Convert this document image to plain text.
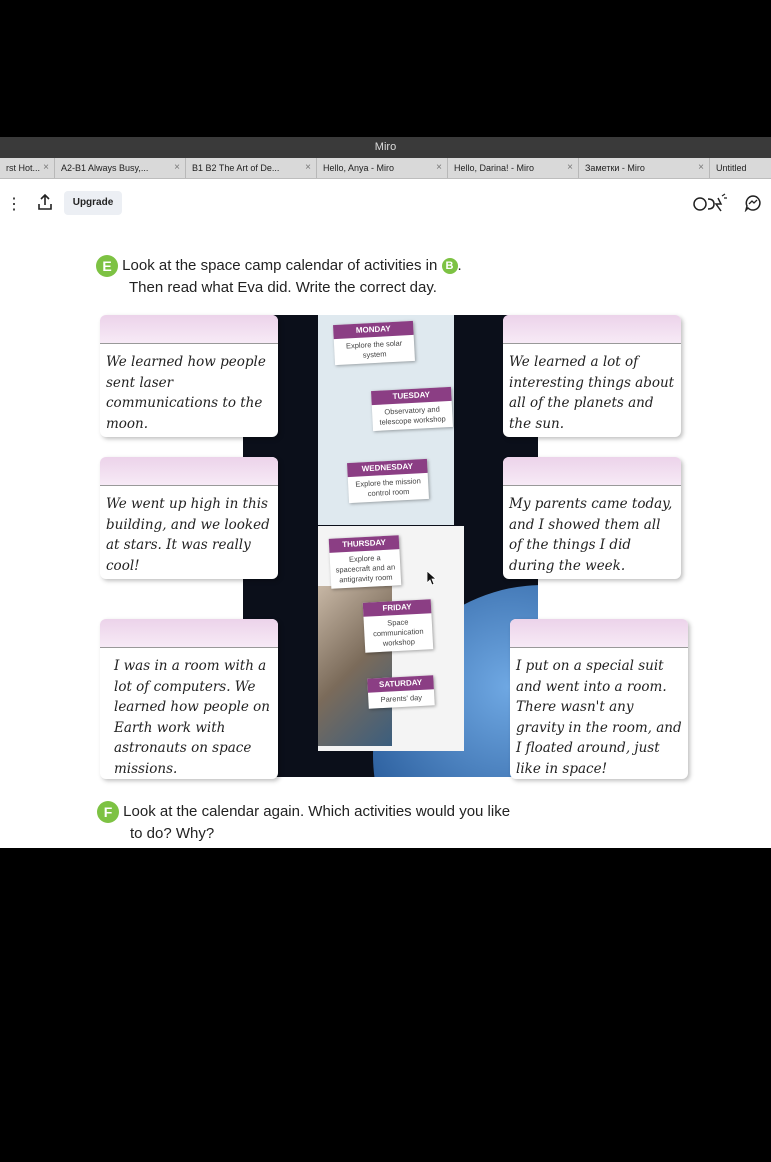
Miro
rst Hot... ×	A2-B1 Always Busy,...	×	B1 B2 The Art of De...	×	Hello, Anya - Miro	×	Hello, Darina! - Miro	×	Заметки - Miro	×	Untitled
⋮	Upgrade
E Look at the space camp calendar of activities in B .
Then read what Eva did. Write the correct day.
MONDAY
Explore the solar system
TUESDAY
Observatory and telescope workshop
WEDNESDAY
Explore the mission control room
THURSDAY
Explore a spacecraft and an antigravity room
FRIDAY
Space communication workshop
SATURDAY
Parents' day
We learned how people sent laser communications to the moon.
We learned a lot of interesting things about all of the planets and the sun.
We went up high in this building, and we looked at stars. It was really cool!
My parents came today, and I showed them all of the things I did during the week.
I was in a room with a lot of computers. We learned how people on Earth work with astronauts on space missions.
I put on a special suit and went into a room. There wasn't any gravity in the room, and I floated around, just like in space!
F Look at the calendar again. Which activities would you like
to do? Why?
